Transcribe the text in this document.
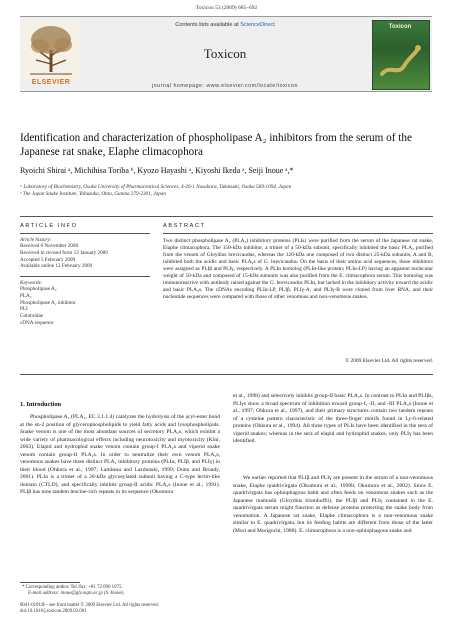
Toxicon 53 (2009) 685–692
ELSEVIER
Contents lists available at ScienceDirect
Toxicon
journal homepage: www.elsevier.com/locate/toxicon
Toxicon
Identification and characterization of phospholipase A₂ inhibitors from the serum of the Japanese rat snake, Elaphe climacophora
Ryoichi Shirai ᵃ, Michihisa Toriba ᵇ, Kyozo Hayashi ᵃ, Kiyoshi Ikeda ᵃ, Seiji Inoue ᵃ,*
ᵃ Laboratory of Biochemistry, Osaka University of Pharmaceutical Sciences, 4-20-1 Nasahara, Takatsuki, Osaka 569-1094, Japan
ᵇ The Japan Snake Institute, Yabuzuka, Ohta, Gunma 379-2301, Japan
ARTICLE INFO	ABSTRACT
Article history:
Received 6 November 2008
Received in revised form 13 January 2009
Accepted 5 February 2009
Available online 12 February 2009
Keywords:
Phospholipase A₂
PLA₂
Phospholipase A₂ inhibitor
PLI
Colubridae
cDNA sequence
Two distinct phospholipase A₂ (PLA₂) inhibitory proteins (PLIs) were purified from the serum of the Japanese rat snake, Elaphe climacophora. The 150-kDa inhibitor, a trimer of a 50-kDa subunit, specifically inhibited the basic PLA₂ purified from the venom of Gloydius brevicaudus, whereas the 120-kDa one composed of two distinct 25-kDa subunits, A and B, inhibited both the acidic and basic PLA₂s of G. brevicaudus. On the basis of their amino acid sequences, these inhibitors were assigned as PLIβ and PLIγ, respectively. A PLIα homolog (PLIα-like protein; PLIα-LP) having an apparent molecular weight of 50-kDa and composed of 15-kDa subunits was also purified from the E. climacophora serum. This homolog was immunoreactive with antibody raised against the G. brevicaudus PLIα, but lacked in the inhibitory activity toward the acidic and basic PLA₂s. The cDNAs encoding PLIα-LP, PLIβ, PLIγ-A, and PLIγ-B were cloned from liver RNA, and their nucleotide sequences were compared with those of other venomous and non-venomous snakes.
© 2009 Elsevier Ltd. All rights reserved.
1. Introduction
Phospholipase A₂ (PLA₂, EC 3.1.1.4) catalyzes the hydrolysis of the acyl-ester bond at the sn-2 position of glycerophospholipids to yield fatty acids and lysophospholipids. Snake venom is one of the most abundant sources of secretory PLA₂s, which exhibit a wide variety of pharmacological effects including neurotoxicity and myotoxicity (Kini, 2003). Elapid and hydrophid snake venom contain group-I PLA₂s and viperid snake venom contain group-II PLA₂s. In order to neutralize their own venom PLA₂s, venomous snakes have three distinct PLA₂ inhibitory proteins (PLIα, PLIβ, and PLIγ) in their blood (Ohkura et al., 1997; Lambeau and Lazdunski, 1999; Dunn and Broady, 2001). PLIα is a trimer of a 20-kDa glycosylated subunit having a C-type lectin-like domain (CTLD), and specifically inhibits group-II acidic PLA₂s (Inoue et al., 1991). PLIβ has nine tandem leucine-rich repeats in its sequence (Okumura
et al., 1998) and selectively inhibits group-II basic PLA₂s. In contrast to PLIα and PLIβs, PLIγs show a broad spectrum of inhibition toward group-I, -II, and -III PLA₂s (Inoue et al., 1997; Ohkura et al., 1997), and their primary structures contain two tandem repeats of a cysteine pattern characteristic of the three-finger motifs found in Ly-6-related proteins (Ohkura et al., 1994). All three types of PLIs have been identified in the sera of viperid snakes; whereas in the sera of elapid and hydrophid snakes, only PLIγ has been identified.
We earlier reported that PLIβ and PLIγ are present in the serum of a non-venomous snake, Elaphe quadrivirgata (Okumura et al., 1999b; Okumura et al., 2002). Since E. quadrivirgata has ophiophagous habit and often feeds on venomous snakes such as the Japanese mamushi (Gloydius blomhoffii), the PLIβ and PLIγ contained in the E. quadrivirgata serum might function as defense proteins protecting the snake body from venomation. A Japanese rat snake, Elaphe climacophora is a non-venomous snake similar to E. quadrivirgata, but its feeding habits are different from those of the latter (Mori and Moriguchi, 1988). E. climacophora is a non-ophiophagous snake and
* Corresponding author. Tel./fax: +81 72 690 1075.
E-mail address: inoue@gly.oups.ac.jp (S. Inoue).
0041-0101/$ – see front matter © 2009 Elsevier Ltd. All rights reserved.
doi:10.1016/j.toxicon.2009.02.001
